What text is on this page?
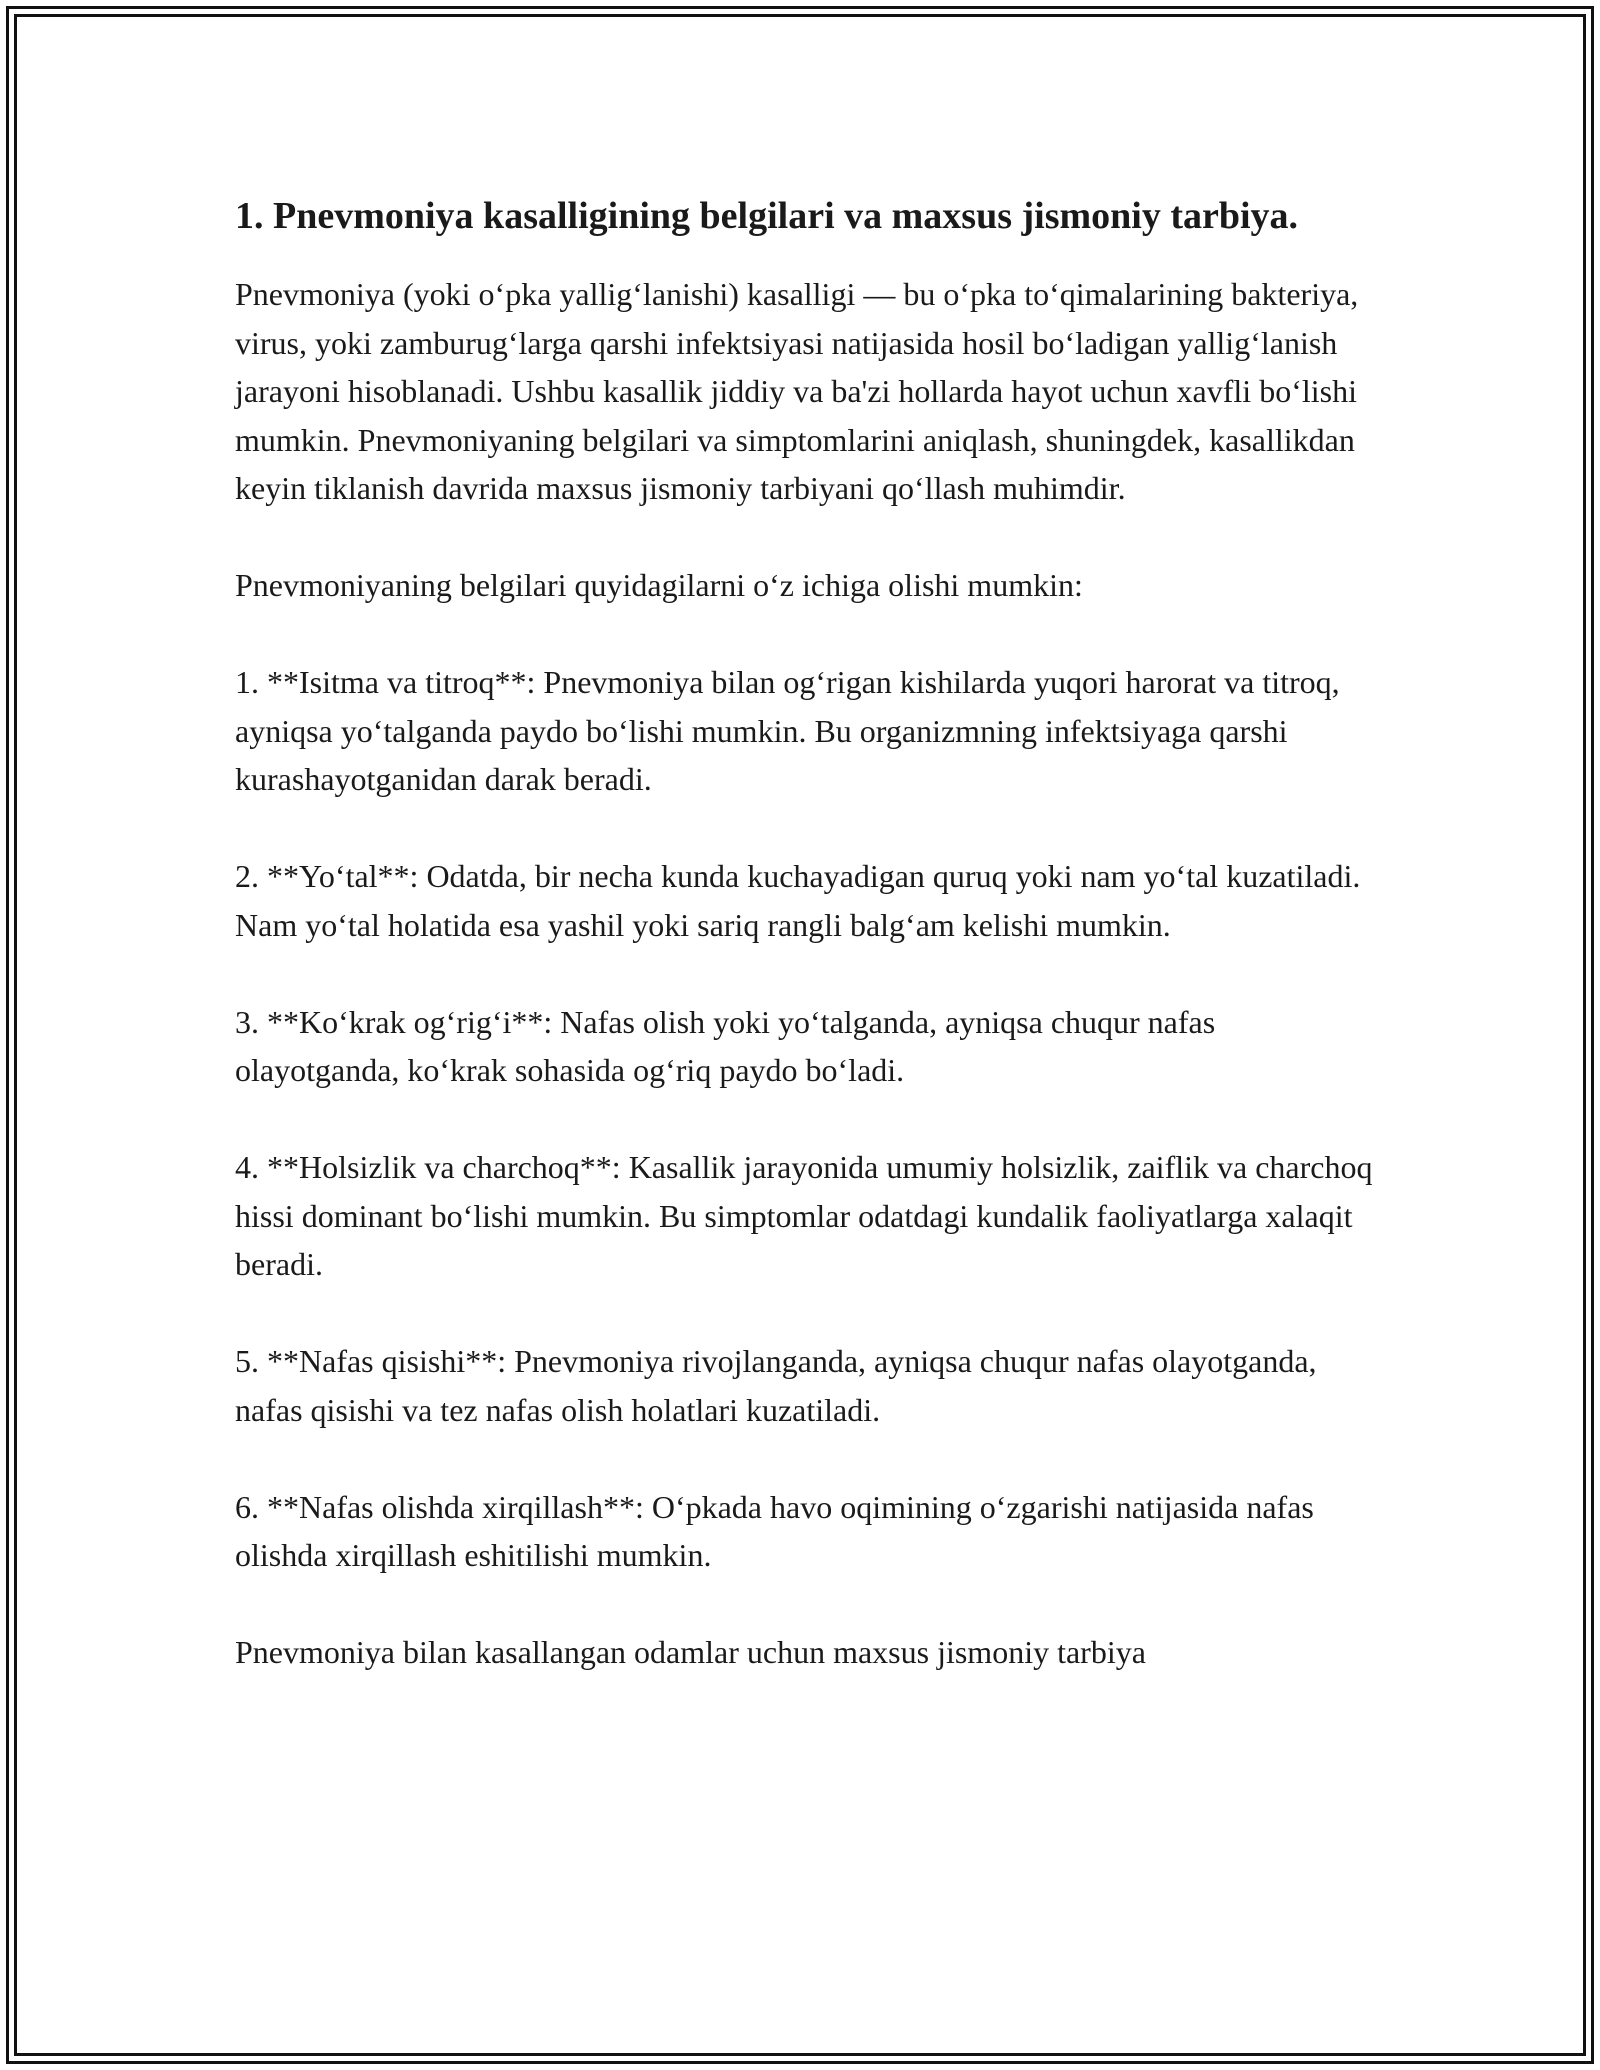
1. Pnevmoniya kasalligining belgilari va maxsus jismoniy tarbiya.

Pnevmoniya (yoki o‘pka yallig‘lanishi) kasalligi — bu o‘pka to‘qimalarining bakteriya, virus, yoki zamburug‘larga qarshi infektsiyasi natijasida hosil bo‘ladigan yallig‘lanish jarayoni hisoblanadi. Ushbu kasallik jiddiy va ba'zi hollarda hayot uchun xavfli bo‘lishi mumkin. Pnevmoniyaning belgilari va simptomlarini aniqlash, shuningdek, kasallikdan keyin tiklanish davrida maxsus jismoniy tarbiyani qo‘llash muhimdir.

Pnevmoniyaning belgilari quyidagilarni o‘z ichiga olishi mumkin:

1. **Isitma va titroq**: Pnevmoniya bilan og‘rigan kishilarda yuqori harorat va titroq, ayniqsa yo‘talganda paydo bo‘lishi mumkin. Bu organizmning infektsiyaga qarshi kurashayotganidan darak beradi.

2. **Yo‘tal**: Odatda, bir necha kunda kuchayadigan quruq yoki nam yo‘tal kuzatiladi. Nam yo‘tal holatida esa yashil yoki sariq rangli balg‘am kelishi mumkin.

3. **Ko‘krak og‘rig‘i**: Nafas olish yoki yo‘talganda, ayniqsa chuqur nafas olayotganda, ko‘krak sohasida og‘riq paydo bo‘ladi.

4. **Holsizlik va charchoq**: Kasallik jarayonida umumiy holsizlik, zaiflik va charchoq hissi dominant bo‘lishi mumkin. Bu simptomlar odatdagi kundalik faoliyatlarga xalaqit beradi.

5. **Nafas qisishi**: Pnevmoniya rivojlanganda, ayniqsa chuqur nafas olayotganda, nafas qisishi va tez nafas olish holatlari kuzatiladi.

6. **Nafas olishda xirqillash**: O‘pkada havo oqimining o‘zgarishi natijasida nafas olishda xirqillash eshitilishi mumkin.

Pnevmoniya bilan kasallangan odamlar uchun maxsus jismoniy tarbiya
